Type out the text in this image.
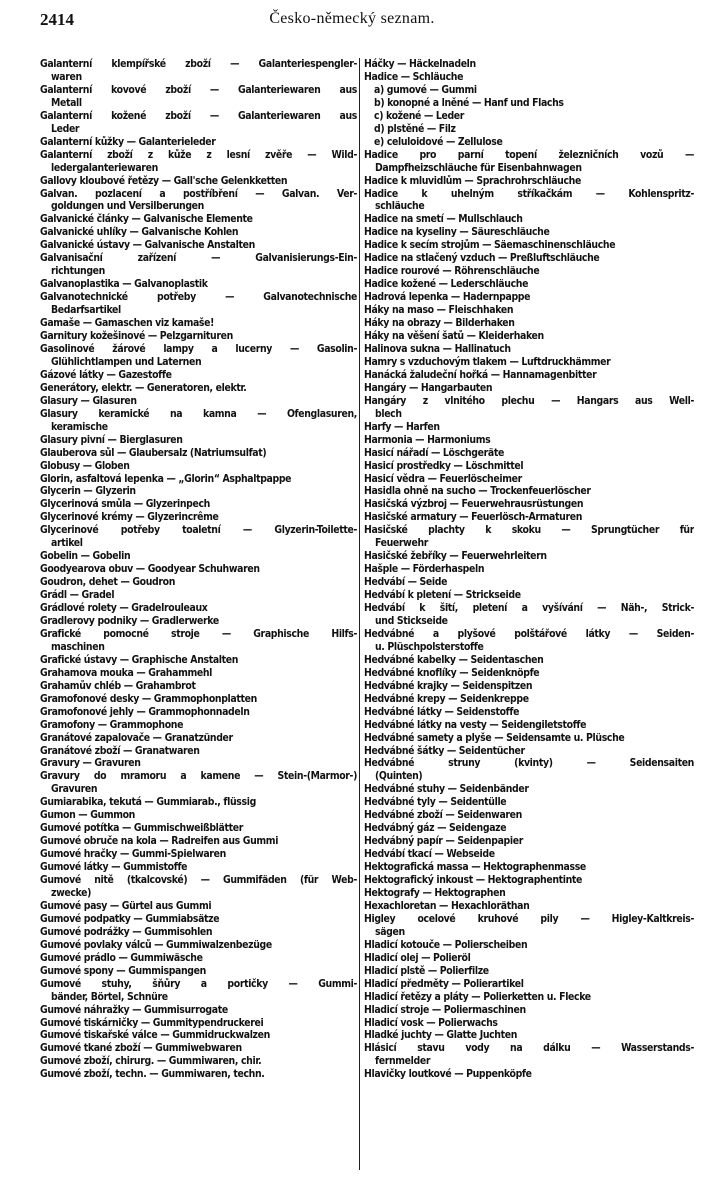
2414	Česko-německý seznam.
Galanterní klempířské zboží — Galanteriespengler-
waren
Galanterní kovové zboží — Galanteriewaren aus
Metall
Galanterní kožené zboží — Galanteriewaren aus
Leder
Galanterní kůžky — Galanterieleder
Galanterní zboží z kůže z lesní zvěře — Wild-
ledergalanteriewaren
Gallovy kloubové řetězy — Gall'sche Gelenkketten
Galvan. pozlacení a postříbření — Galvan. Ver-
goldungen und Versilberungen
Galvanické články — Galvanische Elemente
Galvanické uhlíky — Galvanische Kohlen
Galvanické ústavy — Galvanische Anstalten
Galvanisační zařízení — Galvanisierungs-Ein-
richtungen
Galvanoplastika — Galvanoplastik
Galvanotechnické potřeby — Galvanotechnische
Bedarfsartikel
Gamaše — Gamaschen viz kamaše!
Garnitury kožešinové — Pelzgarnituren
Gasolinové žárové lampy a lucerny — Gasolin-
Glühlichtlampen und Laternen
Gázové látky — Gazestoffe
Generátory, elektr. — Generatoren, elektr.
Glasury — Glasuren
Glasury keramické na kamna — Ofenglasuren,
keramische
Glasury pivní — Bierglasuren
Glauberova sůl — Glaubersalz (Natriumsulfat)
Globusy — Globen
Glorin, asfaltová lepenka — „Glorin“ Asphaltpappe
Glycerin — Glyzerin
Glycerinová smůla — Glyzerinpech
Glycerinové krémy — Glyzerincrême
Glycerinové potřeby toaletní — Glyzerin-Toilette-
artikel
Gobelin — Gobelin
Goodyearova obuv — Goodyear Schuhwaren
Goudron, dehet — Goudron
Grádl — Gradel
Grádlové rolety — Gradelrouleaux
Gradlerovy podniky — Gradlerwerke
Grafické pomocné stroje — Graphische Hilfs-
maschinen
Grafické ústavy — Graphische Anstalten
Grahamova mouka — Grahammehl
Grahamův chléb — Grahambrot
Gramofonové desky — Grammophonplatten
Gramofonové jehly — Grammophonnadeln
Gramofony — Grammophone
Granátové zapalovače — Granatzünder
Granátové zboží — Granatwaren
Gravury — Gravuren
Gravury do mramoru a kamene — Stein-(Marmor-)
Gravuren
Gumiarabika, tekutá — Gummiarab., flüssig
Gumon — Gummon
Gumové potítka — Gummischweißblätter
Gumové obruče na kola — Radreifen aus Gummi
Gumové hračky — Gummi-Spielwaren
Gumové látky — Gummistoffe
Gumové nitě (tkalcovské) — Gummifäden (für Web-
zwecke)
Gumové pasy — Gürtel aus Gummi
Gumové podpatky — Gummiabsätze
Gumové podrážky — Gummisohlen
Gumové povlaky válců — Gummiwalzenbezüge
Gumové prádlo — Gummiwäsche
Gumové spony — Gummispangen
Gumové stuhy, šňůry a portičky — Gummi-
bänder, Börtel, Schnüre
Gumové náhražky — Gummisurrogate
Gumové tiskárničky — Gummitypendruckerei
Gumové tiskařské válce — Gummidruckwalzen
Gumové tkané zboží — Gummiwebwaren
Gumové zboží, chirurg. — Gummiwaren, chir.
Gumové zboží, techn. — Gummiwaren, techn.
Háčky — Häckelnadeln
Hadice — Schläuche
a) gumové — Gummi
b) konopné a lněné — Hanf und Flachs
c) kožené — Leder
d) plstěné — Filz
e) celuloidové — Zellulose
Hadice pro parní topení železničních vozů —
Dampfheizschläuche für Eisenbahnwagen
Hadice k mluvidlům — Sprachrohrschläuche
Hadice k uhelným stříkačkám — Kohlenspritz-
schläuche
Hadice na smetí — Mullschlauch
Hadice na kyseliny — Säureschläuche
Hadice k secím strojům — Säemaschinenschläuche
Hadice na stlačený vzduch — Preßluftschläuche
Hadice rourové — Röhrenschläuche
Hadice kožené — Lederschläuche
Hadrová lepenka — Hadernpappe
Háky na maso — Fleischhaken
Háky na obrazy — Bilderhaken
Háky na věšení šatů — Kleiderhaken
Halinova sukna — Hallinatuch
Hamry s vzduchovým tlakem — Luftdruckhämmer
Hanácká žaludeční hořká — Hannamagenbitter
Hangáry — Hangarbauten
Hangáry z vlnitého plechu — Hangars aus Well-
blech
Harfy — Harfen
Harmonia — Harmoniums
Hasicí nářadí — Löschgeräte
Hasicí prostředky — Löschmittel
Hasicí vědra — Feuerlöscheimer
Hasidla ohně na sucho — Trockenfeuerlöscher
Hasičská výzbroj — Feuerwehrausrüstungen
Hasičské armatury — Feuerlösch-Armaturen
Hasičské plachty k skoku — Sprungtücher für
Feuerwehr
Hasičské žebříky — Feuerwehrleitern
Hašple — Förderhaspeln
Hedvábí — Seide
Hedvábí k pletení — Strickseide
Hedvábí k šití, pletení a vyšívání — Näh-, Strick-
und Stickseide
Hedvábné a plyšové polštářové látky — Seiden-
u. Plüschpolsterstoffe
Hedvábné kabelky — Seidentaschen
Hedvábné knoflíky — Seidenknöpfe
Hedvábné krajky — Seidenspitzen
Hedvábné krepy — Seidenkreppe
Hedvábné látky — Seidenstoffe
Hedvábné látky na vesty — Seidengiletstoffe
Hedvábné samety a plyše — Seidensamte u. Plüsche
Hedvábné šátky — Seidentücher
Hedvábné struny (kvinty) — Seidensaiten
(Quinten)
Hedvábné stuhy — Seidenbänder
Hedvábné tyly — Seidentülle
Hedvábné zboží — Seidenwaren
Hedvábný gáz — Seidengaze
Hedvábný papír — Seidenpapier
Hedvábí tkací — Webseide
Hektografická massa — Hektographenmasse
Hektografický inkoust — Hektographentinte
Hektografy — Hektographen
Hexachloretan — Hexachloräthan
Higley ocelové kruhové pily — Higley-Kaltkreis-
sägen
Hladicí kotouče — Polierscheiben
Hladicí olej — Polieröl
Hladicí plstě — Polierfilze
Hladicí předměty — Polierartikel
Hladicí řetězy a pláty — Polierketten u. Flecke
Hladicí stroje — Poliermaschinen
Hladicí vosk — Polierwachs
Hladké juchty — Glatte Juchten
Hlásicí stavu vody na dálku — Wasserstands-
fernmelder
Hlavičky loutkové — Puppenköpfe
